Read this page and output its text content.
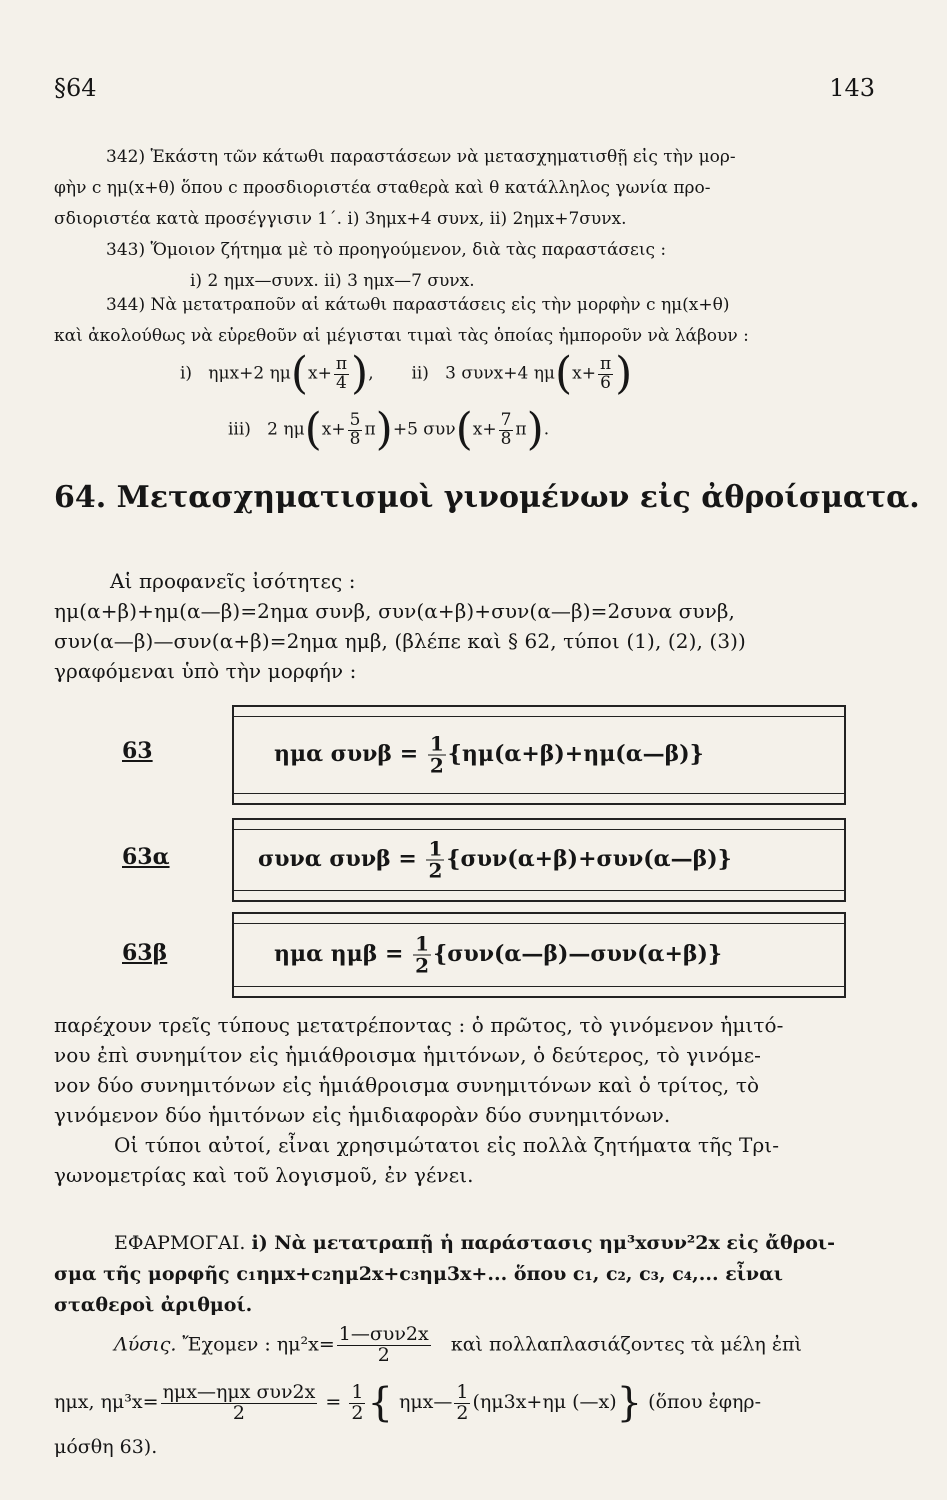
§64	143
342) Ἑκάστη τῶν κάτωθι παραστάσεων νὰ μετασχηματισθῇ εἰς τὴν μορ-
φὴν c ημ(x+θ) ὅπου c προσδιοριστέα σταθερὰ καὶ θ κατάλληλος γωνία προ-
σδιοριστέα κατὰ προσέγγισιν 1΄. i) 3ημx+4 συνx, ii) 2ημx+7συνx.
343) Ὅμοιον ζήτημα μὲ τὸ προηγούμενον, διὰ τὰς παραστάσεις :
i) 2 ημx—συνx. ii) 3 ημx—7 συνx.
344) Νὰ μετατραποῦν αἱ κάτωθι παραστάσεις εἰς τὴν μορφὴν c ημ(x+θ)
καὶ ἀκολούθως νὰ εὑρεθοῦν αἱ μέγισται τιμαὶ τὰς ὁποίας ἠμποροῦν νὰ λάβουν :
i) ημx+2 $\eta\mu(x+ \frac{\pi}{4}$ ), ii) 3 συνx+4 $\eta\mu(x+ \frac{\pi}{6}$ )
iii) 2 $\eta\mu(x+ \frac{5}{8} \pi)+5$ $\sigma\upsilon\nu(x+ \frac{7}{8} \pi)$.
64. Μετασχηματισμοὶ γινομένων εἰς ἀθροίσματα.
Αἱ προφανεῖς ἰσότητες :
ημ(α+β)+ημ(α—β)=2ημα συνβ, συν(α+β)+συν(α—β)=2συνα συνβ,
συν(α—β)—συν(α+β)=2ημα ημβ, (βλέπε καὶ § 62, τύποι (1), (2), (3))
γραφόμεναι ὑπὸ τὴν μορφήν :
63	ημα $\sigma\upsilon\nu\beta = \frac{1}{2}$ {ημ(α+β)+ημ(α—β)}
63α	συνα $\sigma\upsilon\nu\beta = \frac{1}{2}$ {συν(α+β)+συν(α—β)}
63β	ημα $\eta\mu\beta = \frac{1}{2}$ {συν(α—β)—συν(α+β)}
παρέχουν τρεῖς τύπους μετατρέποντας : ὁ πρῶτος, τὸ γινόμενον ἡμιτό-
νου ἐπὶ συνημίτον εἰς ἡμιάθροισμα ἡμιτόνων, ὁ δεύτερος, τὸ γινόμε-
νον δύο συνημιτόνων εἰς ἡμιάθροισμα συνημιτόνων καὶ ὁ τρίτος, τὸ
γινόμενον δύο ἡμιτόνων εἰς ἡμιδιαφορὰν δύο συνημιτόνων.
Οἱ τύποι αὐτοί, εἶναι χρησιμώτατοι εἰς πολλὰ ζητήματα τῆς Τρι-
γωνομετρίας καὶ τοῦ λογισμοῦ, ἐν γένει.
ΕΦΑΡΜΟΓΑΙ. i) Νὰ μετατραπῇ ἡ παράστασις ημ³xσυν²2x εἰς ἄθροι-
σμα τῆς μορφῆς c₁ημx+c₂ημ2x+c₃ημ3x+... ὅπου c₁, c₂, c₃, c₄,... εἶναι
σταθεροὶ ἀριθμοί.
Λύσις. Ἔχομεν : $\eta\mu^2x= \frac{\text{1—συν2x}}{2}$ καὶ πολλαπλασιάζοντες τὰ μέλη ἐπὶ
ημx, $\eta\mu^3x= \frac{\text{ημx—ημx συν2x}}{2} = \frac{1}{2}$ { ημx— $\frac{1}{2} (\eta\mu 3x+\eta\mu$ (—x)} (ὅπου ἐφηρ-
μόσθη 63).
